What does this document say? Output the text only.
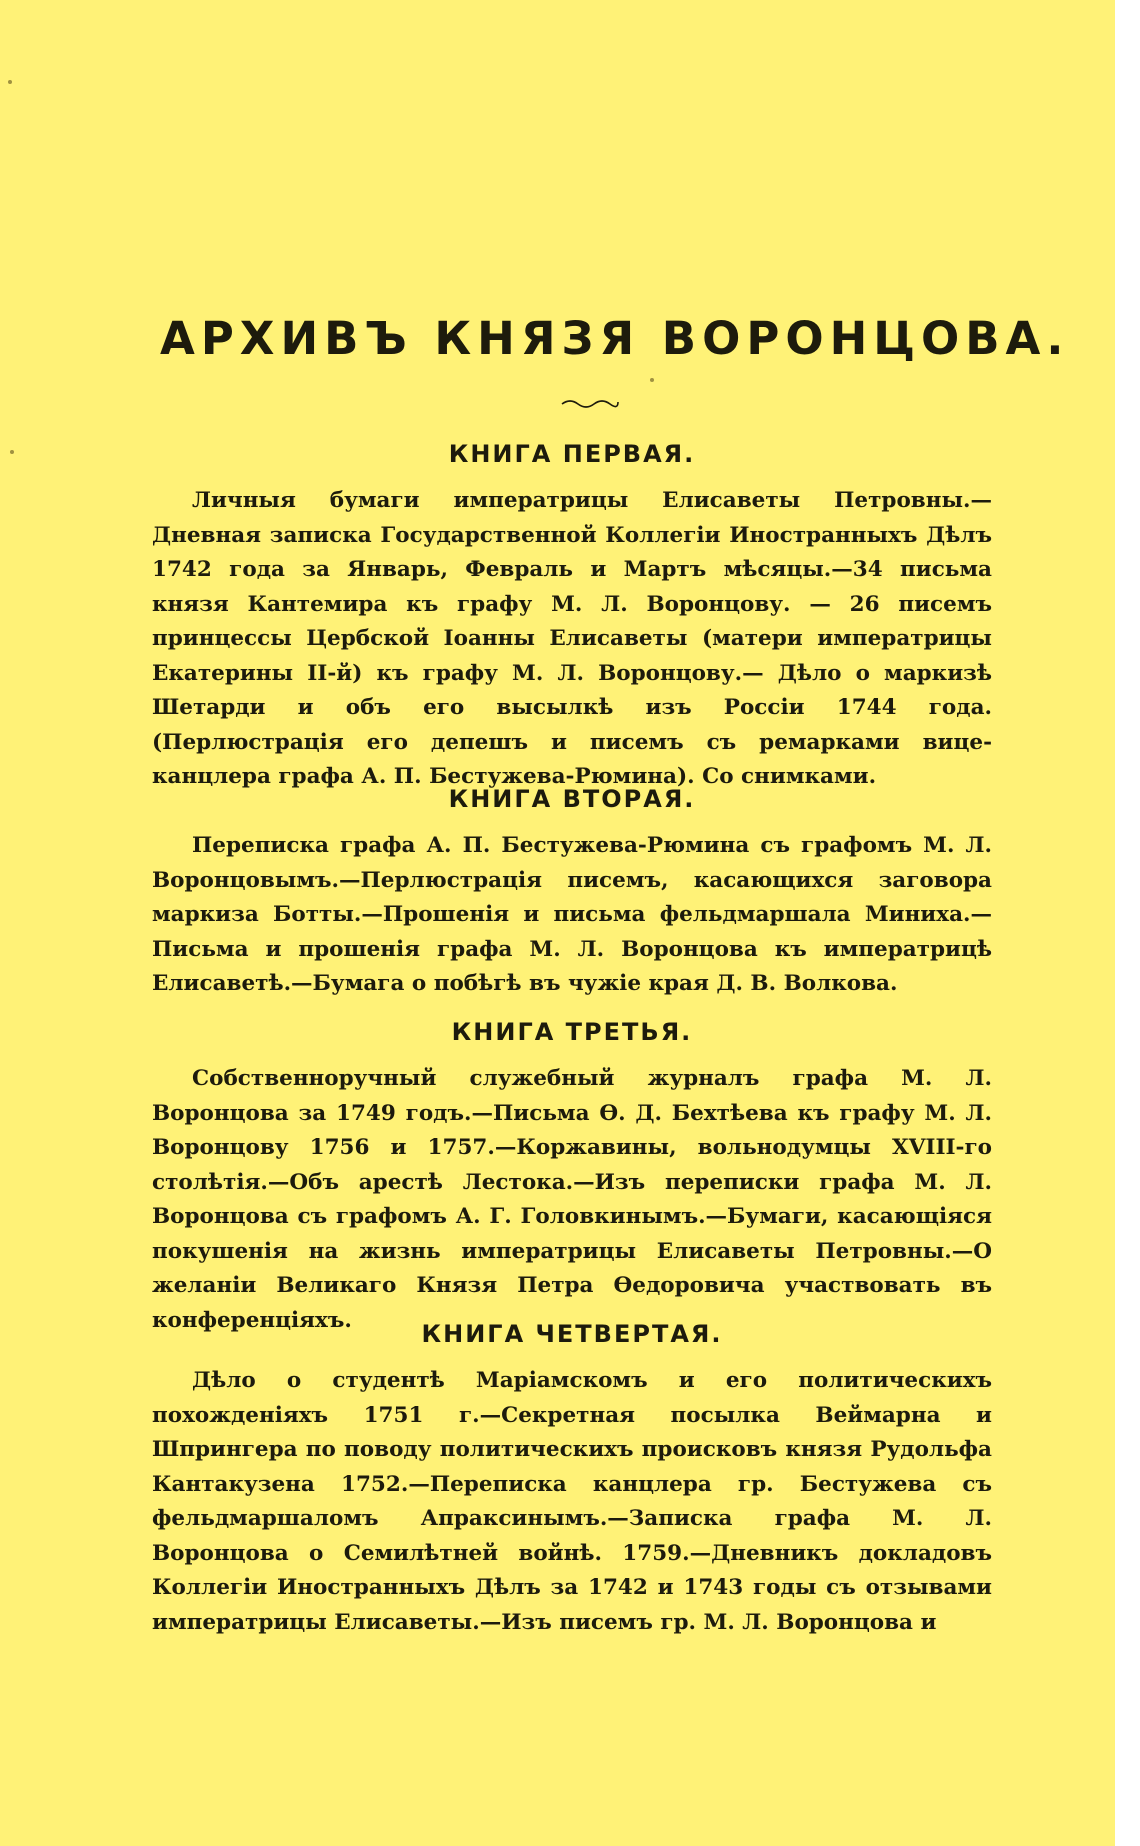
АРХИВЪ КНЯЗЯ ВОРОНЦОВА.
КНИГА ПЕРВАЯ.

Личныя бумаги императрицы Елисаветы Петровны.—Дневная записка Государственной Коллегіи Иностранныхъ Дѣлъ 1742 года за Январь, Февраль и Мартъ мѣсяцы.—34 письма князя Кантемира къ графу М. Л. Воронцову. — 26 писемъ принцессы Цербской Іоанны Елисаветы (матери императрицы Екатерины II-й) къ графу М. Л. Воронцову.— Дѣло о маркизѣ Шетарди и объ его высылкѣ изъ Россіи 1744 года. (Перлюстрація его депешъ и писемъ съ ремарками вице-канцлера графа А. П. Бестужева-Рюмина). Со снимками.

КНИГА ВТОРАЯ.

Переписка графа А. П. Бестужева-Рюмина съ графомъ М. Л. Воронцовымъ.—Перлюстрація писемъ, касающихся заговора маркиза Ботты.—Прошенія и письма фельдмаршала Миниха.—Письма и прошенія графа М. Л. Воронцова къ императрицѣ Елисаветѣ.—Бумага о побѣгѣ въ чужіе края Д. В. Волкова.

КНИГА ТРЕТЬЯ.

Собственноручный служебный журналъ графа М. Л. Воронцова за 1749 годъ.—Письма Ѳ. Д. Бехтѣева къ графу М. Л. Воронцову 1756 и 1757.—Коржавины, вольнодумцы XVIII-го столѣтія.—Объ арестѣ Лестока.—Изъ переписки графа М. Л. Воронцова съ графомъ А. Г. Головкинымъ.—Бумаги, касающіяся покушенія на жизнь императрицы Елисаветы Петровны.—О желаніи Великаго Князя Петра Ѳедоровича участвовать въ конференціяхъ.	КНИГА ЧЕТВЕРТАЯ.

Дѣло о студентѣ Маріамскомъ и его политическихъ похожденіяхъ 1751 г.—Секретная посылка Веймарна и Шпрингера по поводу политическихъ происковъ князя Рудольфа Кантакузена 1752.—Переписка канцлера гр. Бестужева съ фельдмаршаломъ Апраксинымъ.—Записка графа М. Л. Воронцова о Семилѣтней войнѣ. 1759.—Дневникъ докладовъ Коллегіи Иностранныхъ Дѣлъ за 1742 и 1743 годы съ отзывами императрицы Елисаветы.—Изъ писемъ гр. М. Л. Воронцова и
